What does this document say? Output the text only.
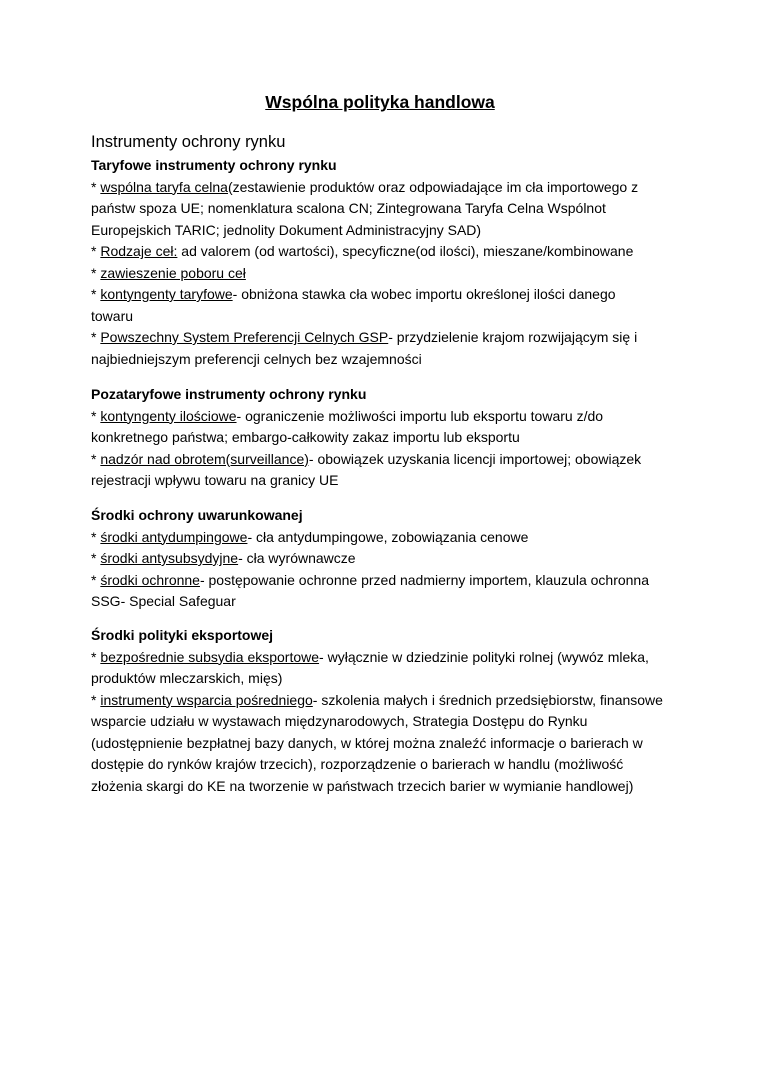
Wspólna polityka handlowa
Instrumenty ochrony rynku
Taryfowe instrumenty ochrony rynku
* wspólna taryfa celna(zestawienie produktów oraz odpowiadające im cła importowego z
państw spoza UE; nomenklatura scalona CN; Zintegrowana Taryfa Celna Wspólnot
Europejskich TARIC; jednolity Dokument Administracyjny SAD)
* Rodzaje ceł: ad valorem (od wartości), specyficzne(od ilości), mieszane/kombinowane
* zawieszenie poboru ceł
* kontyngenty taryfowe- obniżona stawka cła wobec importu określonej ilości danego
towaru
* Powszechny System Preferencji Celnych GSP- przydzielenie krajom rozwijającym się i
najbiedniejszym preferencji celnych bez wzajemności
Pozataryfowe instrumenty ochrony rynku
* kontyngenty ilościowe- ograniczenie możliwości importu lub eksportu towaru z/do
konkretnego państwa; embargo-całkowity zakaz importu lub eksportu
* nadzór nad obrotem(surveillance)- obowiązek uzyskania licencji importowej; obowiązek
rejestracji wpływu towaru na granicy UE
Środki ochrony uwarunkowanej
* środki antydumpingowe- cła antydumpingowe, zobowiązania cenowe
* środki antysubsydyjne- cła wyrównawcze
* środki ochronne- postępowanie ochronne przed nadmierny importem, klauzula ochronna
SSG- Special Safeguar
Środki polityki eksportowej
* bezpośrednie subsydia eksportowe- wyłącznie w dziedzinie polityki rolnej (wywóz mleka,
produktów mleczarskich, mięs)
* instrumenty wsparcia pośredniego- szkolenia małych i średnich przedsiębiorstw, finansowe
wsparcie udziału w wystawach międzynarodowych, Strategia Dostępu do Rynku
(udostępnienie bezpłatnej bazy danych, w której można znaleźć informacje o barierach w
dostępie do rynków krajów trzecich), rozporządzenie o barierach w handlu (możliwość
złożenia skargi do KE na tworzenie w państwach trzecich barier w wymianie handlowej)
